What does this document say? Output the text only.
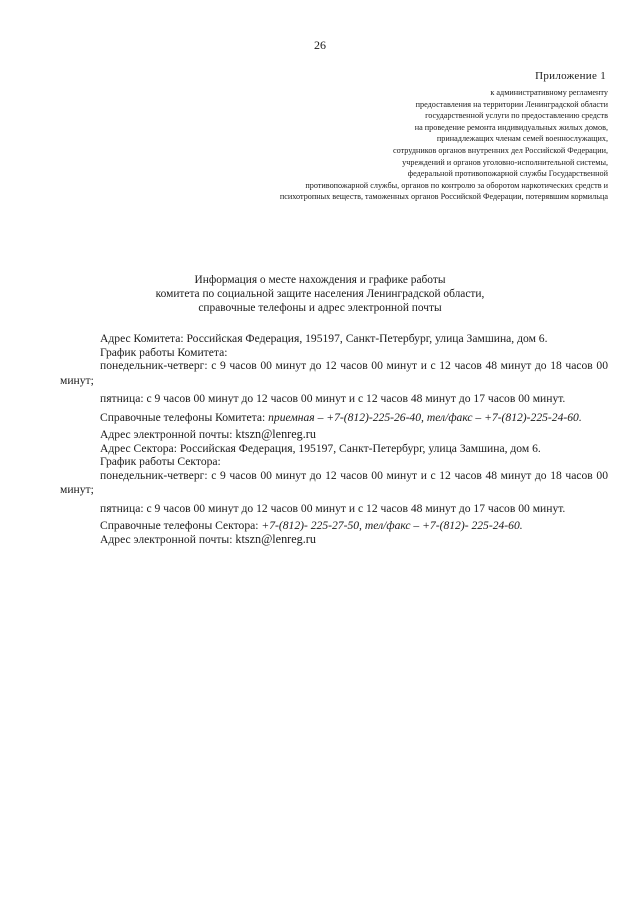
26
Приложение 1
к административному регламенту
предоставления на территории Ленинградской области
государственной услуги по предоставлению средств
на проведение ремонта индивидуальных жилых домов,
принадлежащих членам семей военнослужащих,
сотрудников органов внутренних дел Российской Федерации,
учреждений и органов уголовно-исполнительной системы,
федеральной противопожарной службы Государственной
противопожарной службы, органов по контролю за оборотом наркотических средств и
психотропных веществ, таможенных органов Российской Федерации, потерявшим кормильца
Информация о месте нахождения и графике работы
комитета по социальной защите населения Ленинградской области,
справочные телефоны и адрес электронной почты
Адрес Комитета: Российская Федерация, 195197, Санкт-Петербург, улица Замшина, дом 6.
График работы Комитета:
понедельник-четверг: с 9 часов 00 минут до 12 часов 00 минут и с 12 часов 48 минут до 18 часов 00 минут;
пятница: с 9 часов 00 минут до 12 часов 00 минут и с 12 часов 48 минут до 17 часов 00 минут.
Справочные телефоны Комитета: приемная – +7-(812)-225-26-40, тел/факс – +7-(812)-225-24-60.
Адрес электронной почты: ktszn@lenreg.ru
Адрес Сектора: Российская Федерация, 195197, Санкт-Петербург, улица Замшина, дом 6.
График работы Сектора:
понедельник-четверг: с 9 часов 00 минут до 12 часов 00 минут и с 12 часов 48 минут до 18 часов 00 минут;
пятница: с 9 часов 00 минут до 12 часов 00 минут и с 12 часов 48 минут до 17 часов 00 минут.
Справочные телефоны Сектора: +7-(812)- 225-27-50, тел/факс – +7-(812)- 225-24-60.
Адрес электронной почты: ktszn@lenreg.ru
